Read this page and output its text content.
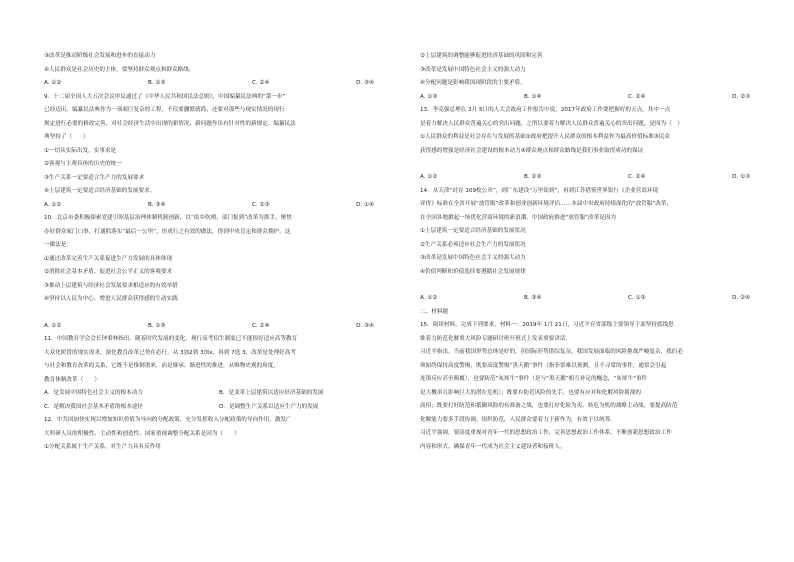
③改革是推动阶级社会发展和进步的直接动力
④人民群众是社会历史的主体，要坚持群众观点和群众路线。
A. ①②	B. ①③	C. ②④	D. ③④
9．十二届全国人大五次会议审议通过了《中华人民共和国民法总则》，中国编纂民法典的“第一步”
已经迈出。编纂民法典作为一项艰巨复杂的工程，不仅要删繁就简，还要对那些与现实情况的现行
规定进行必要的修改完善，对社会经济生活中出现的新情况、新问题作出有针对性的新规定。编纂民法
典坚持了（　　）
①一切从实际出发，实事求是
②客观与主观具体的历史的统一
③生产关系一定要适合生产力的发展要求
④上层建筑一定要适合经济基础的发展要求。
A. ①②	B. ③④	C. ②③	D. ①④
10．北京市委积极探索党建引领基层治理体制机制创新，以“街乡吹哨、部门报到”改革为抓手，聚焦
办好群众家门口事，打通抓落实“最后一公里”，形成行之有效的做法，得到中央肯定和群众拥护。这
一做法是：
①通过改革完善生产关系促进生产力发展的具体体现
②消除社会基本矛盾、促进社会公平正义的客观要求
③推动上层建筑与经济社会发展要求相适应的有效举措
④坚持以人民为中心、增进人民群众获得感的生动实践
A. ①②	B. ①③	C. ②④	D. ③④
11．中国教育学会会长钟秉林指出，随着时代发展的变化，现行高考招生制度已不能很好适应高等教育
大众化阶段的现实需求，深化教育改革已势在必行。从 3加2到 3加x，再到 7选 3，改革是处理好高考
与社会和教育改革的关系，它既不是推倒重来，而是继承、渐进性的推进，从唯物史观的角度，
教育体制改革（　　）
A．是发展中国特色社会主义的根本动力	B．是变革上层建筑以适应经济基础的发展
C．是解决我国社会基本矛盾的根本途径	D．是调整生产关系以适应生产力的发展
12．中共国加快实现以增加知识价值为导向的分配政策，充分发挥收入分配政策的导向作用，激发广
大科研人员的积极性、主动性和创造性。国家重视调整分配关系是因为（　　）
①分配关系属于生产关系，对生产力具有反作用
②上层建筑的调整能够促进经济基础的巩固和完善
③改革是发展中国特色社会主义的强大动力
④分配问题是影响我国现阶段的主要矛盾。
A. ①③	B. ①④	C. ②④	D. ②③
13．李克强总理在 3月 5日的人大会政府工作报告中说，2017年政府工作要把握好的五点，其中一点
是着力解决人民群众普遍关心的突出问题，之所以要着力解决人民群众普遍关心的突出问题，是因为（　）
①人民群众的利益是社会存在与发展的基础②政府把提升人民群众的根本利益作为最高价值标准③民众
获得感的增强是经济社会建设的根本动力④群众观点和群众路线是我们事业取得成功的保证
A. ①②	B. ②③	C. ②④	D. ①③
14．从天津“封存 109枚公章”，到广东建设“万里街到”，再到江苏借鉴世界银行《企业营商环境
评价》标准在全省开展“放管服”改革和创业创新环境评估……本届中央政府持续深化的“放管服”改革，
在全国各地掀起一场优化营商环境的新浪潮。中国政府推进“放管服”改革是因为
①上层建筑一定要适合经济基础的发展状况
②生产关系必须适应社会生产力的发展状况
③改革是发展中国特色社会主义的强大动力
④价值判断和价值选择要遵循社会发展规律
A. ①②	B. ③④	C. ①③	D. ②④
二、材料题
15．阅读材料，完成下列要求。材料一：2019年 1月 21日，习近平在省部级主要领导干部坚持底线思
维着力防范化解重大风险专题研讨班开班式上发表重要讲话。
习近平指出，当前我国形势总体是好的，但国际形势错综复杂，我国发展面临的风险挑战严峻复杂，我们必
须始终保持高度警惕，既要高度警惕“黑天鹅”事件（指非常难以预测，且不寻常的事件，通常会引起
连锁反应甚至颠覆），也要防范“灰犀牛”事件（是与“黑天鹅”相互补足的概念，“灰犀牛”事件
是大概率且影响巨大的潜在危机）；既要有防范风险的先手，也要有应对和化解风险挑战的
高招；既要打好防范和抵御风险的有准备之战，也要打好化险为夷、转危为机的战略主动战。要提高防范
化解能力要多手段协调、组织防范，人民群众要着力于新作为，有效于以统筹。
习近平强调，要高度重视对青年一代的思想政治工作，完善思想政治工作体系，不断创新思想政治工作
内容和形式，确保青年一代成为社会主义建设者和接班人。
